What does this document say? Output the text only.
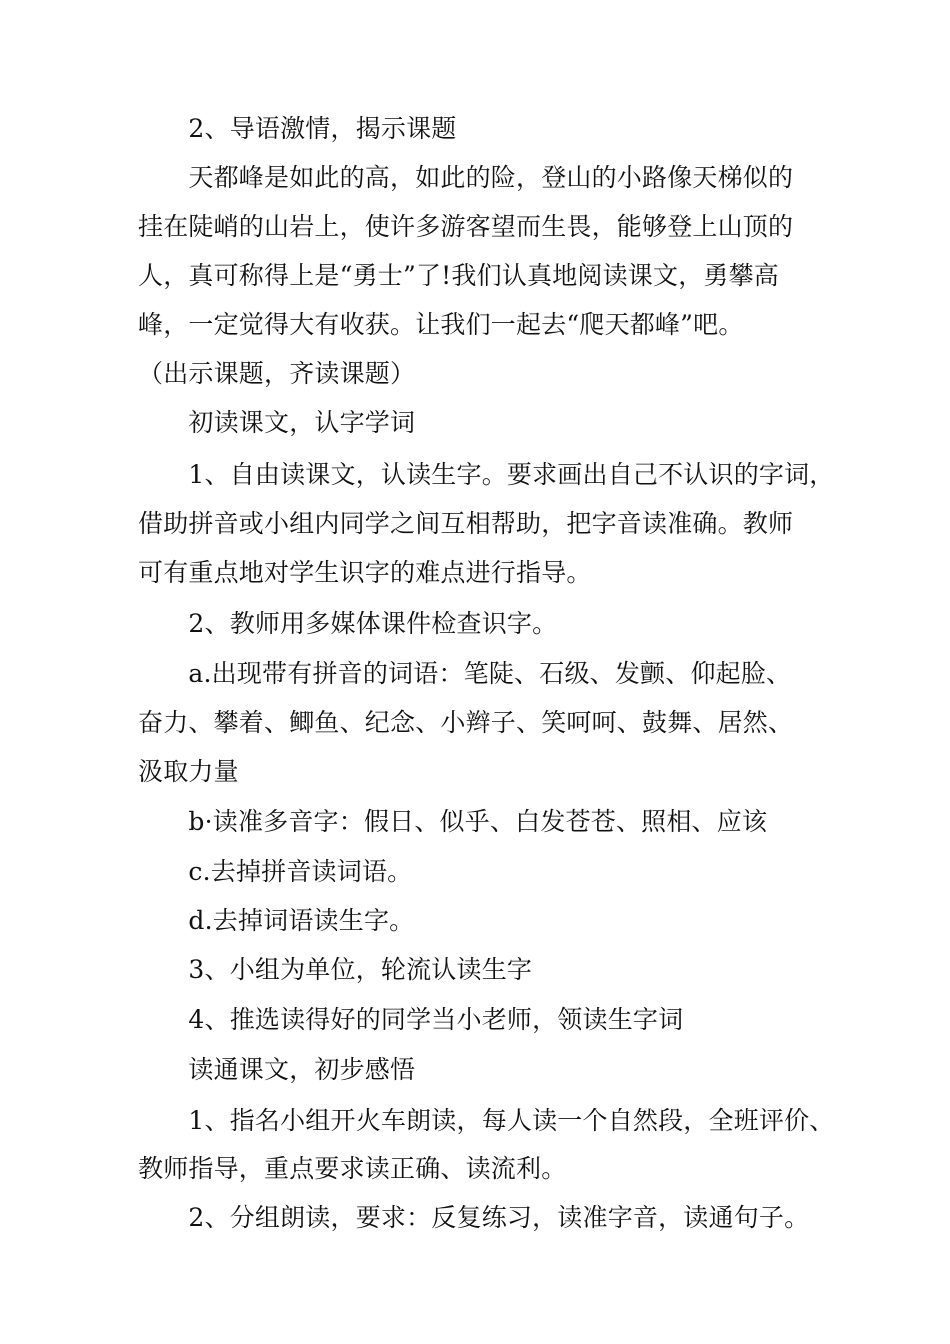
　　2、导语激情，揭示课题
　　天都峰是如此的高，如此的险，登山的小路像天梯似的
挂在陡峭的山岩上，使许多游客望而生畏，能够登上山顶的
人，真可称得上是“勇士”了!我们认真地阅读课文，勇攀高
峰，一定觉得大有收获。让我们一起去“爬天都峰”吧。
（出示课题，齐读课题）
　　初读课文，认字学词
　　1、自由读课文，认读生字。要求画出自己不认识的字词，
借助拼音或小组内同学之间互相帮助，把字音读准确。教师
可有重点地对学生识字的难点进行指导。
　　2、教师用多媒体课件检查识字。
　　a.出现带有拼音的词语：笔陡、石级、发颤、仰起脸、
奋力、攀着、鲫鱼、纪念、小辫子、笑呵呵、鼓舞、居然、
汲取力量
　　b·读准多音字：假日、似乎、白发苍苍、照相、应该
　　c.去掉拼音读词语。
　　d.去掉词语读生字。
　　3、小组为单位，轮流认读生字
　　4、推选读得好的同学当小老师，领读生字词
　　读通课文，初步感悟
　　1、指名小组开火车朗读，每人读一个自然段，全班评价、
教师指导，重点要求读正确、读流利。
　　2、分组朗读，要求：反复练习，读准字音，读通句子。
